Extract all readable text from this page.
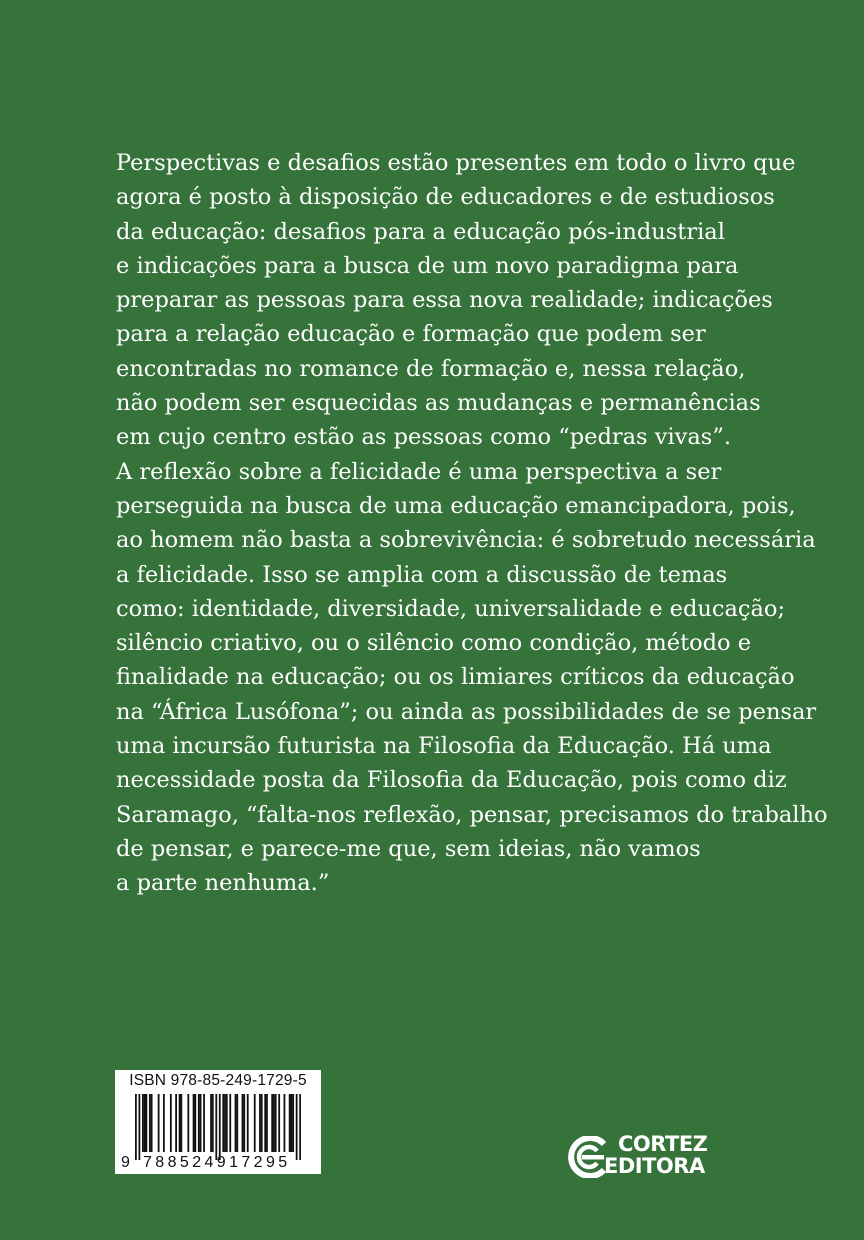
Perspectivas e desafios estão presentes em todo o livro que
agora é posto à disposição de educadores e de estudiosos
da educação: desafios para a educação pós-industrial
e indicações para a busca de um novo paradigma para
preparar as pessoas para essa nova realidade; indicações
para a relação educação e formação que podem ser
encontradas no romance de formação e, nessa relação,
não podem ser esquecidas as mudanças e permanências
em cujo centro estão as pessoas como “pedras vivas”.
A reflexão sobre a felicidade é uma perspectiva a ser
perseguida na busca de uma educação emancipadora, pois,
ao homem não basta a sobrevivência: é sobretudo necessária
a felicidade. Isso se amplia com a discussão de temas
como: identidade, diversidade, universalidade e educação;
silêncio criativo, ou o silêncio como condição, método e
finalidade na educação; ou os limiares críticos da educação
na “África Lusófona”; ou ainda as possibilidades de se pensar
uma incursão futurista na Filosofia da Educação. Há uma
necessidade posta da Filosofia da Educação, pois como diz
Saramago, “falta-nos reflexão, pensar, precisamos do trabalho
de pensar, e parece-me que, sem ideias, não vamos
a parte nenhuma.”
ISBN 978-85-249-1729-5
9 788524917295
CORTEZ
EDITORA
